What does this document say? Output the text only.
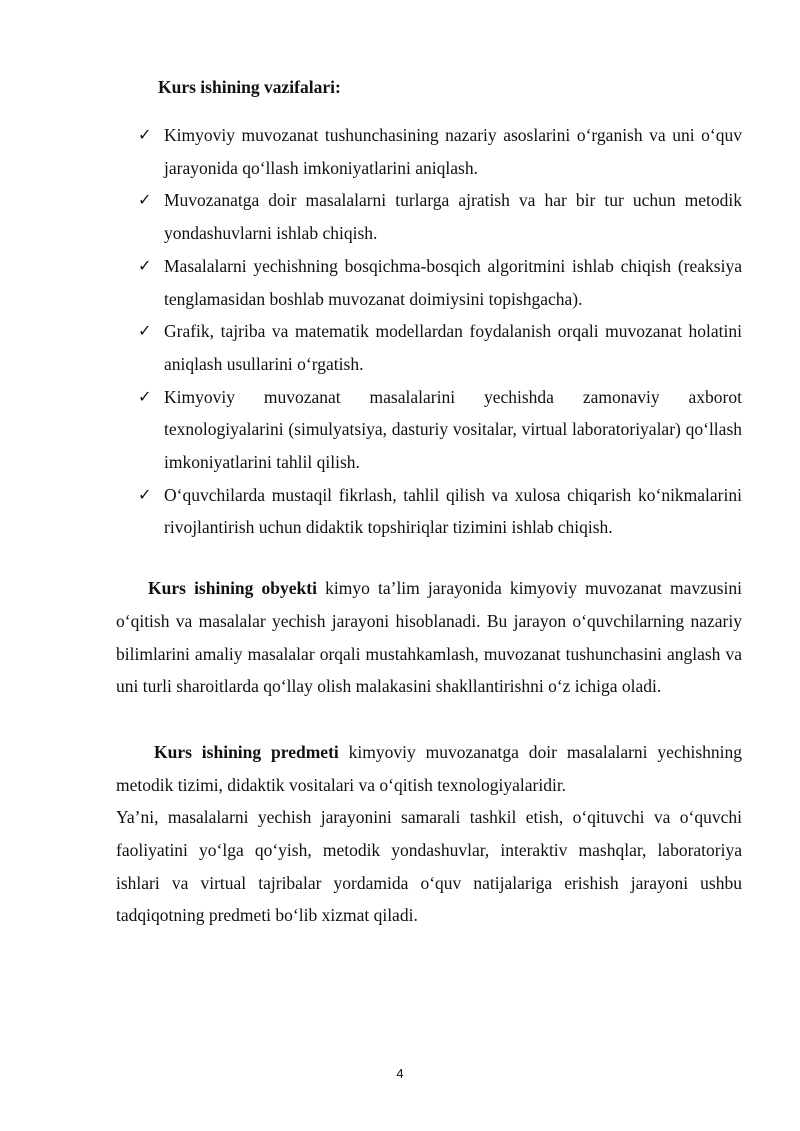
Kurs ishining vazifalari:
✓ Kimyoviy muvozanat tushunchasining nazariy asoslarini o‘rganish va uni o‘quv jarayonida qo‘llash imkoniyatlarini aniqlash.
✓ Muvozanatga doir masalalarni turlarga ajratish va har bir tur uchun metodik yondashuvlarni ishlab chiqish.
✓ Masalalarni yechishning bosqichma-bosqich algoritmini ishlab chiqish (reaksiya tenglamasidan boshlab muvozanat doimiysini topishgacha).
✓ Grafik, tajriba va matematik modellardan foydalanish orqali muvozanat holatini aniqlash usullarini o‘rgatish.
✓ Kimyoviy muvozanat masalalarini yechishda zamonaviy axborot texnologiyalarini (simulyatsiya, dasturiy vositalar, virtual laboratoriyalar) qo‘llash imkoniyatlarini tahlil qilish.
✓ O‘quvchilarda mustaqil fikrlash, tahlil qilish va xulosa chiqarish ko‘nikmalarini rivojlantirish uchun didaktik topshiriqlar tizimini ishlab chiqish.

Kurs ishining obyekti kimyo ta’lim jarayonida kimyoviy muvozanat mavzusini o‘qitish va masalalar yechish jarayoni hisoblanadi. Bu jarayon o‘quvchilarning nazariy bilimlarini amaliy masalalar orqali mustahkamlash, muvozanat tushunchasini anglash va uni turli sharoitlarda qo‘llay olish malakasini shakllantirishni o‘z ichiga oladi.

Kurs ishining predmeti kimyoviy muvozanatga doir masalalarni yechishning metodik tizimi, didaktik vositalari va o‘qitish texnologiyalaridir.

Ya’ni, masalalarni yechish jarayonini samarali tashkil etish, o‘qituvchi va o‘quvchi faoliyatini yo‘lga qo‘yish, metodik yondashuvlar, interaktiv mashqlar, laboratoriya ishlari va virtual tajribalar yordamida o‘quv natijalariga erishish jarayoni ushbu tadqiqotning predmeti bo‘lib xizmat qiladi.

4
